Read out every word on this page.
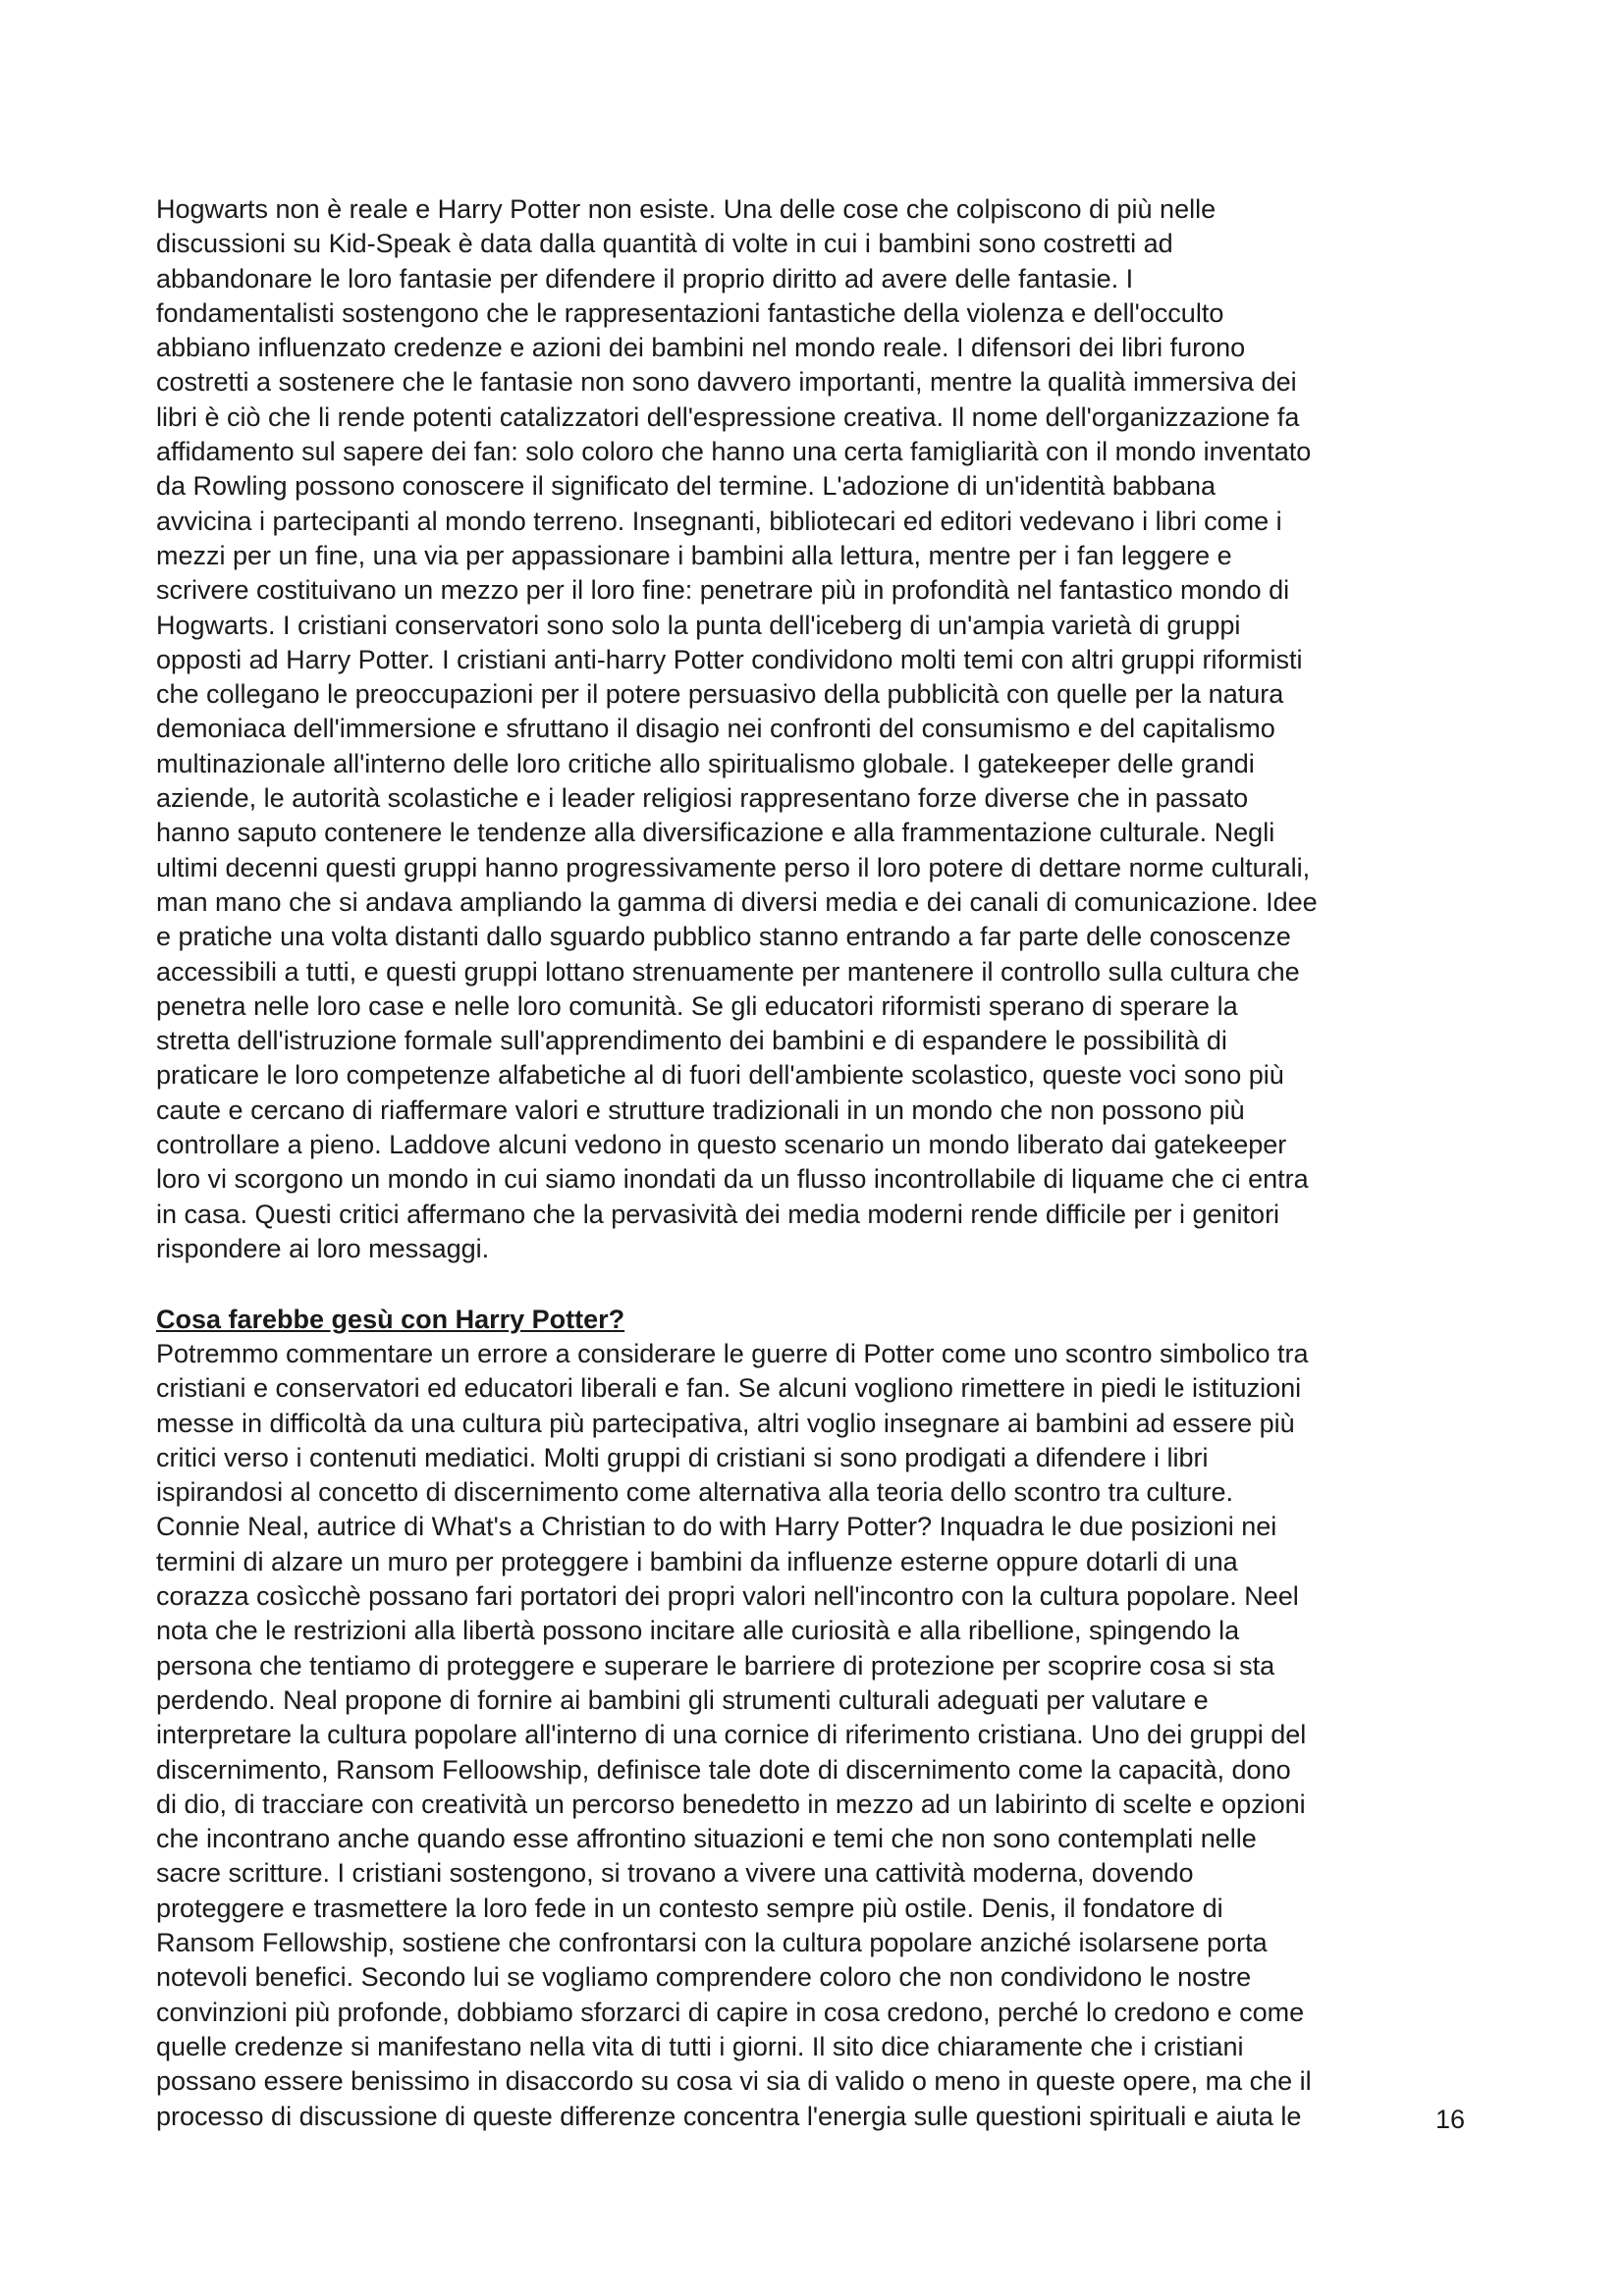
Hogwarts non è reale e Harry Potter non esiste. Una delle cose che colpiscono di più nelle
discussioni su Kid-Speak è data dalla quantità di volte in cui i bambini sono costretti ad
abbandonare le loro fantasie per difendere il proprio diritto ad avere delle fantasie. I
fondamentalisti sostengono che le rappresentazioni fantastiche della violenza e dell'occulto
abbiano influenzato credenze e azioni dei bambini nel mondo reale. I difensori dei libri furono
costretti a sostenere che le fantasie non sono davvero importanti, mentre la qualità immersiva dei
libri è ciò che li rende potenti catalizzatori dell'espressione creativa. Il nome dell'organizzazione fa
affidamento sul sapere dei fan: solo coloro che hanno una certa famigliarità con il mondo inventato
da Rowling possono conoscere il significato del termine. L'adozione di un'identità babbana
avvicina i partecipanti al mondo terreno. Insegnanti, bibliotecari ed editori vedevano i libri come i
mezzi per un fine, una via per appassionare i bambini alla lettura, mentre per i fan leggere e
scrivere costituivano un mezzo per il loro fine: penetrare più in profondità nel fantastico mondo di
Hogwarts. I cristiani conservatori sono solo la punta dell'iceberg di un'ampia varietà di gruppi
opposti ad Harry Potter. I cristiani anti-harry Potter condividono molti temi con altri gruppi riformisti
che collegano le preoccupazioni per il potere persuasivo della pubblicità con quelle per la natura
demoniaca dell'immersione e sfruttano il disagio nei confronti del consumismo e del capitalismo
multinazionale all'interno delle loro critiche allo spiritualismo globale. I gatekeeper delle grandi
aziende, le autorità scolastiche e i leader religiosi rappresentano forze diverse che in passato
hanno saputo contenere le tendenze alla diversificazione e alla frammentazione culturale. Negli
ultimi decenni questi gruppi hanno progressivamente perso il loro potere di dettare norme culturali,
man mano che si andava ampliando la gamma di diversi media e dei canali di comunicazione. Idee
e pratiche una volta distanti dallo sguardo pubblico stanno entrando a far parte delle conoscenze
accessibili a tutti, e questi gruppi lottano strenuamente per mantenere il controllo sulla cultura che
penetra nelle loro case e nelle loro comunità. Se gli educatori riformisti sperano di sperare la
stretta dell'istruzione formale sull'apprendimento dei bambini e di espandere le possibilità di
praticare le loro competenze alfabetiche al di fuori dell'ambiente scolastico, queste voci sono più
caute e cercano di riaffermare valori e strutture tradizionali in un mondo che non possono più
controllare a pieno. Laddove alcuni vedono in questo scenario un mondo liberato dai gatekeeper
loro vi scorgono un mondo in cui siamo inondati da un flusso incontrollabile di liquame che ci entra
in casa. Questi critici affermano che la pervasività dei media moderni rende difficile per i genitori
rispondere ai loro messaggi.
Cosa farebbe gesù con Harry Potter?
Potremmo commentare un errore a considerare le guerre di Potter come uno scontro simbolico tra
cristiani e conservatori ed educatori liberali e fan. Se alcuni vogliono rimettere in piedi le istituzioni
messe in difficoltà da una cultura più partecipativa, altri voglio insegnare ai bambini ad essere più
critici verso i contenuti mediatici. Molti gruppi di cristiani si sono prodigati a difendere i libri
ispirandosi al concetto di discernimento come alternativa alla teoria dello scontro tra culture.
Connie Neal, autrice di What's a Christian to do with Harry Potter? Inquadra le due posizioni nei
termini di alzare un muro per proteggere i bambini da influenze esterne oppure dotarli di una
corazza cosìcchè possano fari portatori dei propri valori nell'incontro con la cultura popolare. Neel
nota che le restrizioni alla libertà possono incitare alle curiosità e alla ribellione, spingendo la
persona che tentiamo di proteggere e superare le barriere di protezione per scoprire cosa si sta
perdendo. Neal propone di fornire ai bambini gli strumenti culturali adeguati per valutare e
interpretare la cultura popolare all'interno di una cornice di riferimento cristiana. Uno dei gruppi del
discernimento, Ransom Felloowship, definisce tale dote di discernimento come la capacità, dono
di dio, di tracciare con creatività un percorso benedetto in mezzo ad un labirinto di scelte e opzioni
che incontrano anche quando esse affrontino situazioni e temi che non sono contemplati nelle
sacre scritture. I cristiani sostengono, si trovano a vivere una cattività moderna, dovendo
proteggere e trasmettere la loro fede in un contesto sempre più ostile. Denis, il fondatore di
Ransom Fellowship, sostiene che confrontarsi con la cultura popolare anziché isolarsene porta
notevoli benefici. Secondo lui se vogliamo comprendere coloro che non condividono le nostre
convinzioni più profonde, dobbiamo sforzarci di capire in cosa credono, perché lo credono e come
quelle credenze si manifestano nella vita di tutti i giorni. Il sito dice chiaramente che i cristiani
possano essere benissimo in disaccordo su cosa vi sia di valido o meno in queste opere, ma che il
processo di discussione di queste differenze concentra l'energia sulle questioni spirituali e aiuta le	16
